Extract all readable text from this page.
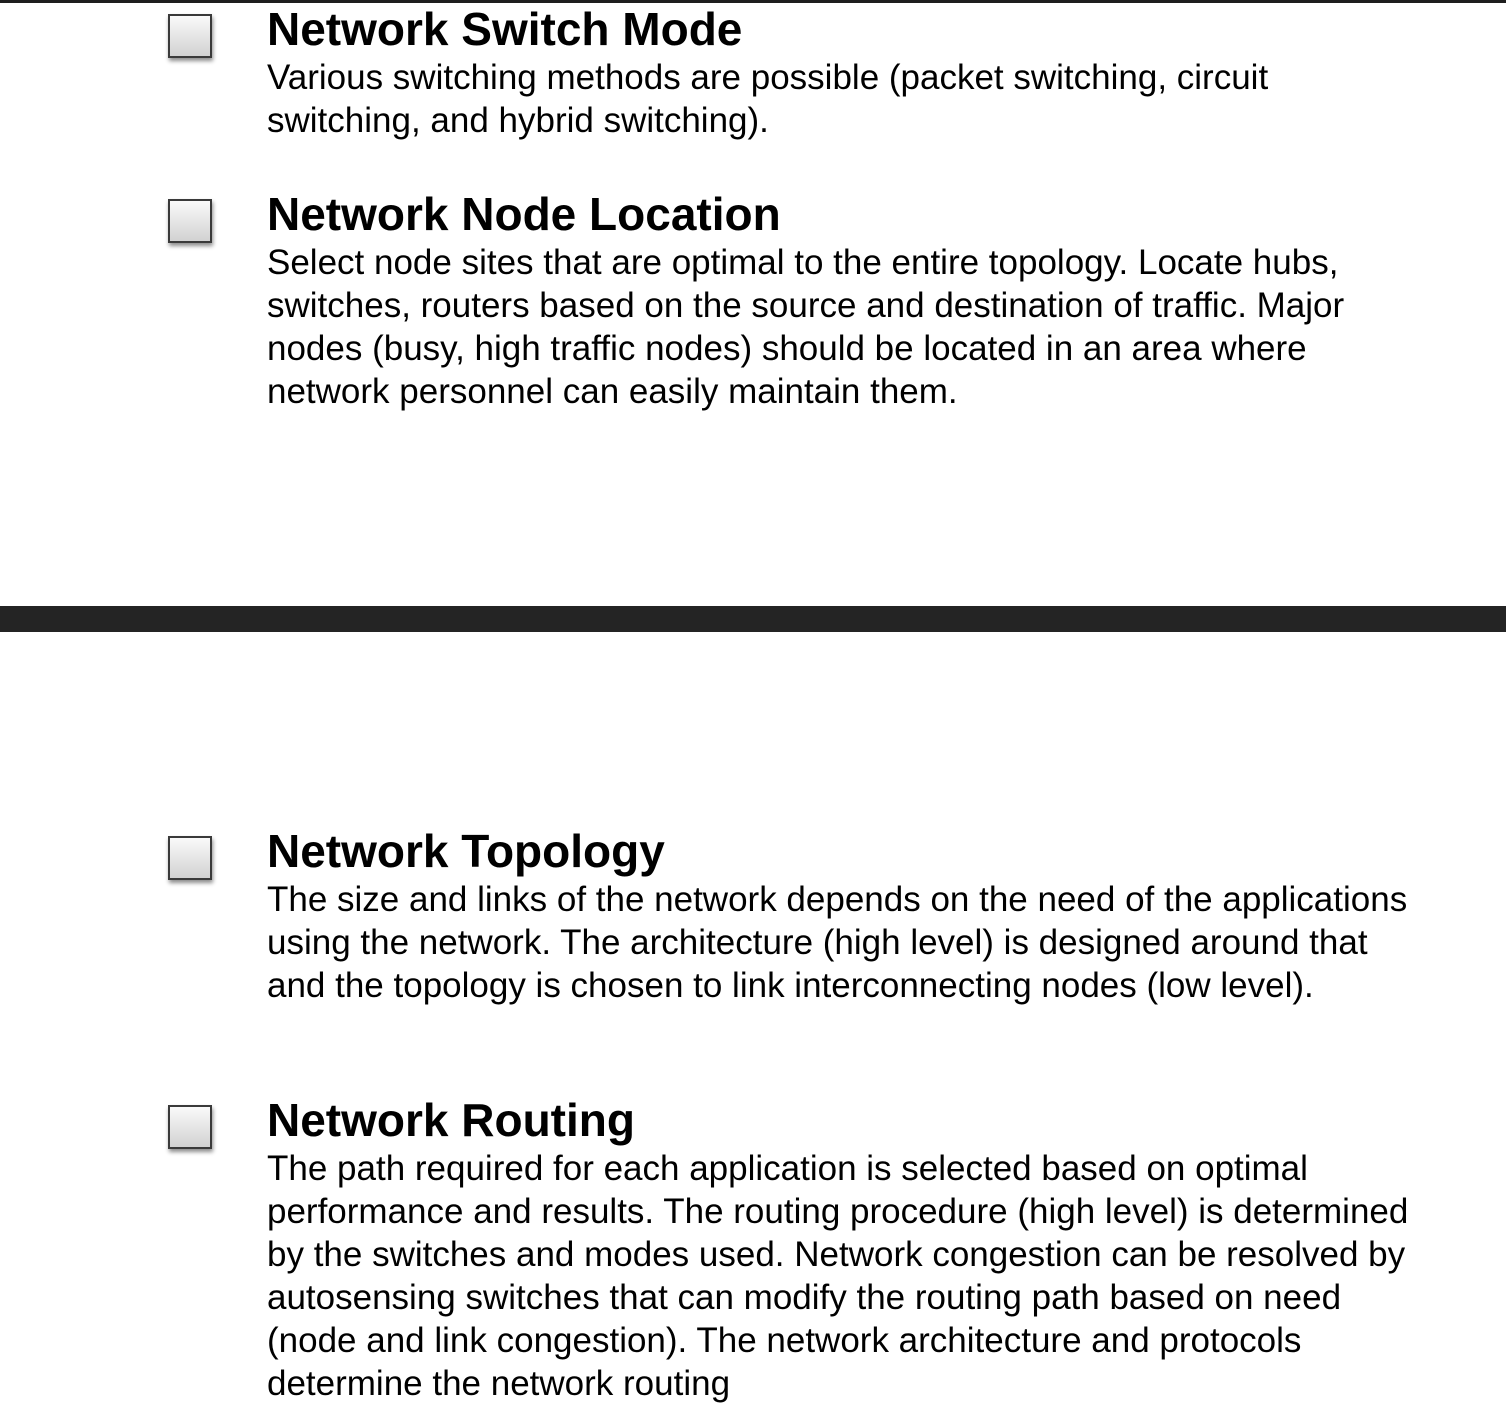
Network Switch Mode

Various switching methods are possible (packet switching, circuit switching, and hybrid switching).

Network Node Location

Select node sites that are optimal to the entire topology. Locate hubs, switches, routers based on the source and destination of traffic. Major nodes (busy, high traffic nodes) should be located in an area where network personnel can easily maintain them.

Network Topology

The size and links of the network depends on the need of the applications using the network. The architecture (high level) is designed around that and the topology is chosen to link interconnecting nodes (low level).

Network Routing

The path required for each application is selected based on optimal performance and results. The routing procedure (high level) is determined by the switches and modes used. Network congestion can be resolved by autosensing switches that can modify the routing path based on need (node and link congestion). The network architecture and protocols determine the network routing
